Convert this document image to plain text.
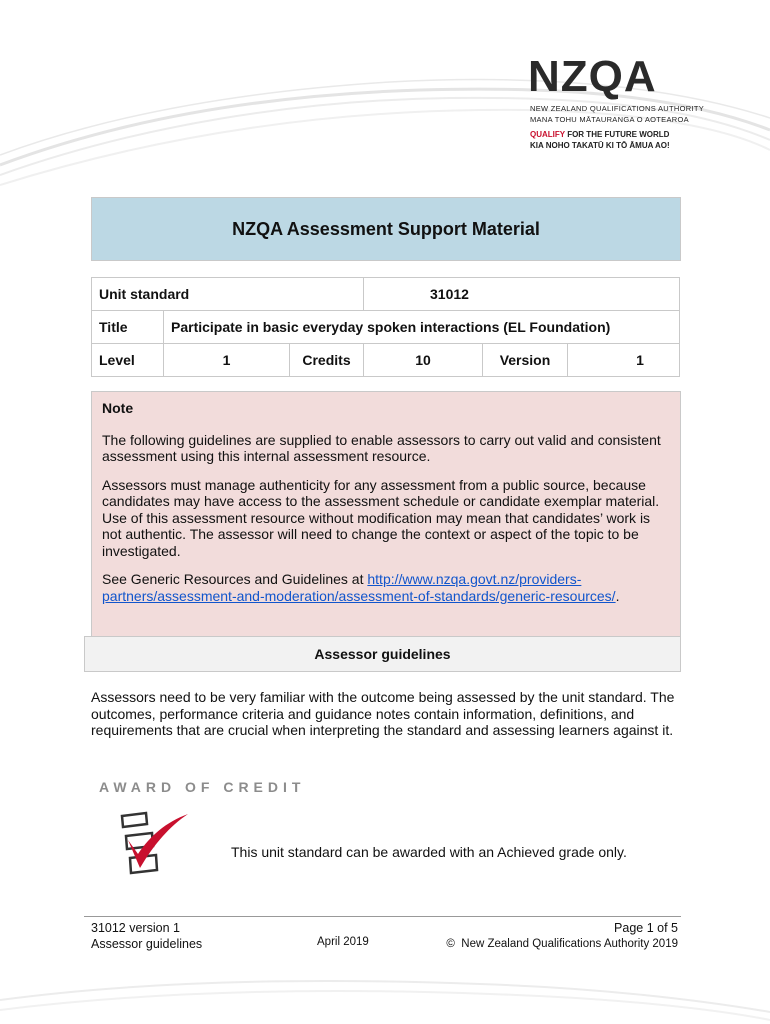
NZQA
NEW ZEALAND QUALIFICATIONS AUTHORITY
MANA TOHU MĀTAURANGA O AOTEAROA
QUALIFY FOR THE FUTURE WORLD
KIA NOHO TAKATŪ KI TŌ ĀMUA AO!
NZQA Assessment Support Material
Unit standard			31012		
Title	Participate in basic everyday spoken interactions (EL Foundation)				
Level	1	Credits	10	Version	1

Note

The following guidelines are supplied to enable assessors to carry out valid and consistent assessment using this internal assessment resource.

Assessors must manage authenticity for any assessment from a public source, because candidates may have access to the assessment schedule or candidate exemplar material. Use of this assessment resource without modification may mean that candidates’ work is not authentic. The assessor will need to change the context or aspect of the topic to be investigated.

See Generic Resources and Guidelines at http://www.nzqa.govt.nz/providers-partners/assessment-and-moderation/assessment-of-standards/generic-resources/.

Assessor guidelines
Assessors need to be very familiar with the outcome being assessed by the unit standard. The outcomes, performance criteria and guidance notes contain information, definitions, and requirements that are crucial when interpreting the standard and assessing learners against it.
AWARD OF CREDIT
This unit standard can be awarded with an Achieved grade only.
31012 version 1
Assessor guidelines	April 2019
Page 1 of 5
© New Zealand Qualifications Authority 2019
